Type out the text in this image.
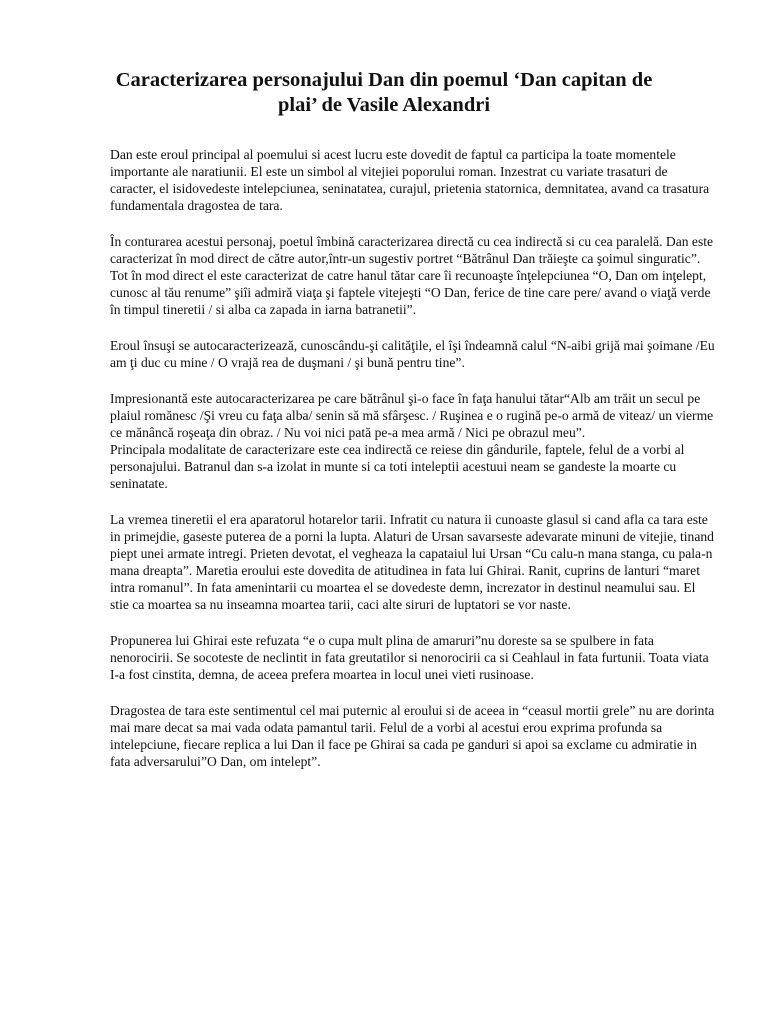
Caracterizarea personajului Dan din poemul ‘Dan capitan de plai’ de Vasile Alexandri

Dan este eroul principal al poemului si acest lucru este dovedit de faptul ca participa la toate momentele importante ale naratiunii. El este un simbol al vitejiei poporului roman. Inzestrat cu variate trasaturi de caracter, el isidovedeste intelepciunea, seninatatea, curajul, prietenia statornica, demnitatea, avand ca trasatura fundamentala dragostea de tara.

În conturarea acestui personaj, poetul îmbină caracterizarea directă cu cea indirectă si cu cea paralelă. Dan este caracterizat în mod direct de către autor,într-un sugestiv portret “Bătrânul Dan trăieşte ca şoimul singuratic”. Tot în mod direct el este caracterizat de catre hanul tătar care îi recunoaşte înţelepciunea “O, Dan om inţelept, cunosc al tău renume” şiîi admiră viaţa şi faptele vitejeşti “O Dan, ferice de tine care pere/ avand o viaţă verde în timpul tineretii / si alba ca zapada in iarna batranetii”.

Eroul însuşi se autocaracterizează, cunoscându-şi calităţile, el îşi îndeamnă calul “N-aibi grijă mai şoimane /Eu am ţi duc cu mine / O vrajă rea de duşmani / şi bună pentru tine”.

Impresionantă este autocaracterizarea pe care bătrânul şi-o face în faţa hanului tătar“Alb am trăit un secul pe plaiul romănesc /Şi vreu cu faţa alba/ senin să mă sfârşesc. / Ruşinea e o rugină pe-o armă de viteaz/ un vierme ce mănâncă roşeaţa din obraz. / Nu voi nici pată pe-a mea armă / Nici pe obrazul meu”.

Principala modalitate de caracterizare este cea indirectă ce reiese din gândurile, faptele, felul de a vorbi al personajului. Batranul dan s-a izolat in munte si ca toti inteleptii acestuui neam se gandeste la moarte cu seninatate.

La vremea tineretii el era aparatorul hotarelor tarii. Infratit cu natura ii cunoaste glasul si cand afla ca tara este in primejdie, gaseste puterea de a porni la lupta. Alaturi de Ursan savarseste adevarate minuni de vitejie, tinand piept unei armate intregi. Prieten devotat, el vegheaza la capataiul lui Ursan “Cu calu-n mana stanga, cu pala-n mana dreapta”. Maretia eroului este dovedita de atitudinea in fata lui Ghirai. Ranit, cuprins de lanturi “maret intra romanul”. In fata amenintarii cu moartea el se dovedeste demn, increzator in destinul neamului sau. El stie ca moartea sa nu inseamna moartea tarii, caci alte siruri de luptatori se vor naste.

Propunerea lui Ghirai este refuzata “e o cupa mult plina de amaruri”nu doreste sa se spulbere in fata nenorocirii. Se socoteste de neclintit in fata greutatilor si nenorocirii ca si Ceahlaul in fata furtunii. Toata viata I-a fost cinstita, demna, de aceea prefera moartea in locul unei vieti rusinoase.

Dragostea de tara este sentimentul cel mai puternic al eroului si de aceea in “ceasul mortii grele” nu are dorinta mai mare decat sa mai vada odata pamantul tarii. Felul de a vorbi al acestui erou exprima profunda sa intelepciune, fiecare replica a lui Dan il face pe Ghirai sa cada pe ganduri si apoi sa exclame cu admiratie in fata adversarului”O Dan, om intelept”.
